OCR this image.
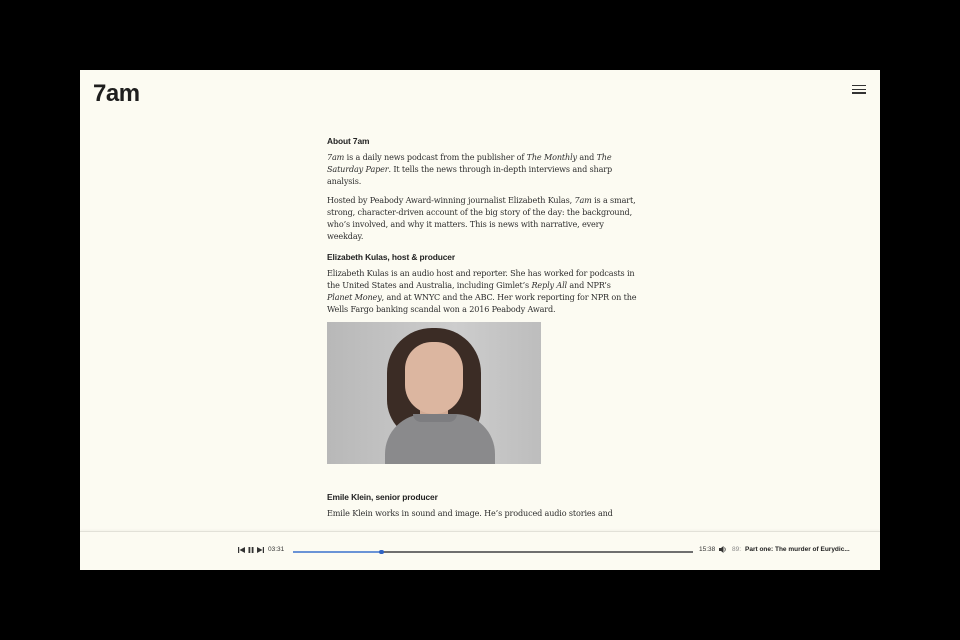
7am

About 7am

7am is a daily news podcast from the publisher of The Monthly and The Saturday Paper. It tells the news through in-depth interviews and sharp analysis.

Hosted by Peabody Award-winning journalist Elizabeth Kulas, 7am is a smart, strong, character-driven account of the big story of the day: the background, who’s involved, and why it matters. This is news with narrative, every weekday.

Elizabeth Kulas, host & producer

Elizabeth Kulas is an audio host and reporter. She has worked for podcasts in the United States and Australia, including Gimlet’s Reply All and NPR’s Planet Money, and at WNYC and the ABC. Her work reporting for NPR on the Wells Fargo banking scandal won a 2016 Peabody Award.

Emile Klein, senior producer

Emile Klein works in sound and image. He’s produced audio stories and

03:31	15:38	89: Part one: The murder of Eurydic...
